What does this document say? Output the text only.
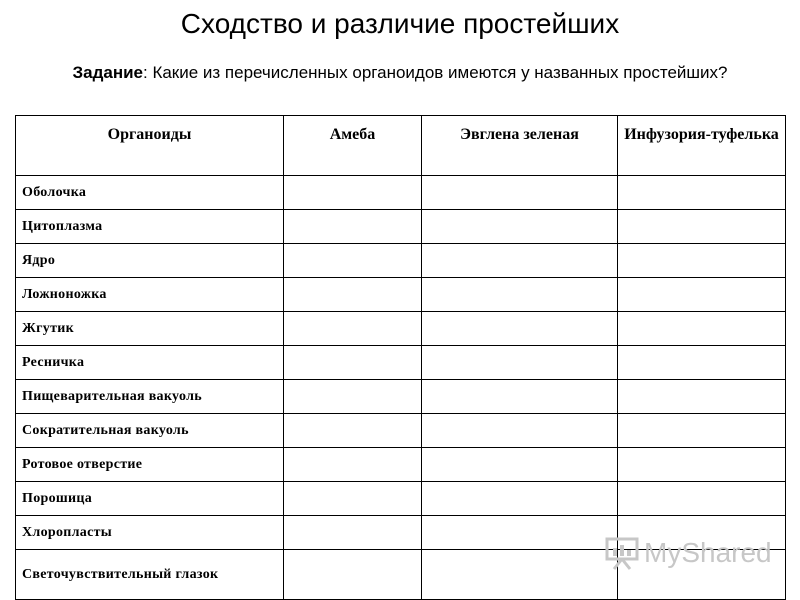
Сходство и различие простейших

Задание: Какие из перечисленных органоидов имеются у названных простейших?

Органоиды	Амеба	Эвглена зеленая	Инфузория-туфелька
Оболочка			
Цитоплазма			
Ядро			
Ложноножка			
Жгутик			
Ресничка			
Пищеварительная вакуоль			
Сократительная вакуоль			
Ротовое отверстие			
Порошица			
Хлоропласты			
Светочувствительный глазок			
MyShared
